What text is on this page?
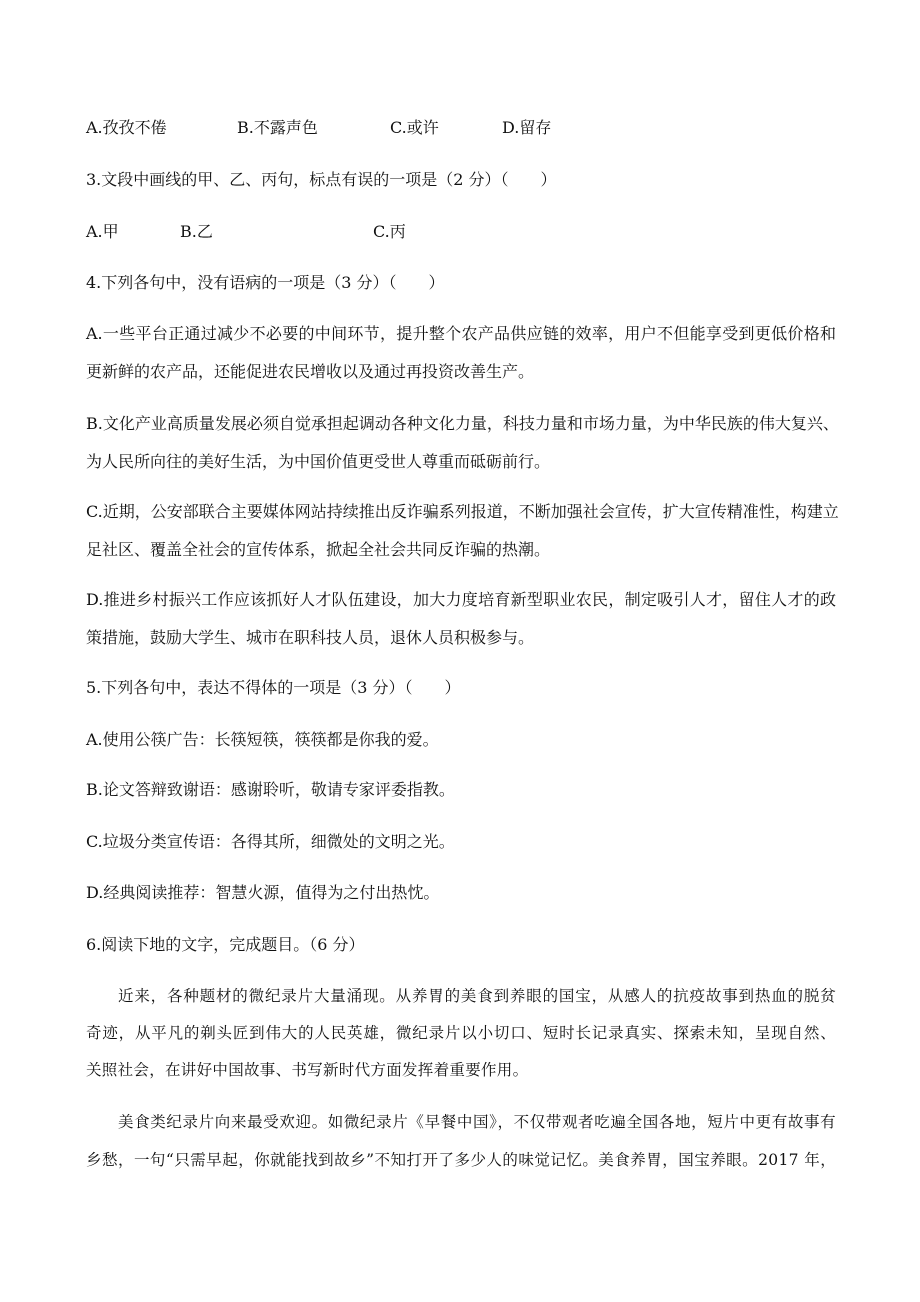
A.孜孜不倦	B.不露声色	C.或许	D.留存
3.文段中画线的甲、乙、丙句，标点有误的一项是（2 分）（　　）
A.甲	B.乙	C.丙
4.下列各句中，没有语病的一项是（3 分）（　　）
A.一些平台正通过减少不必要的中间环节，提升整个农产品供应链的效率，用户不但能享受到更低价格和
更新鲜的农产品，还能促进农民增收以及通过再投资改善生产。
B.文化产业高质量发展必须自觉承担起调动各种文化力量，科技力量和市场力量，为中华民族的伟大复兴、
为人民所向往的美好生活，为中国价值更受世人尊重而砥砺前行。
C.近期，公安部联合主要媒体网站持续推出反诈骗系列报道，不断加强社会宣传，扩大宣传精准性，构建立
足社区、覆盖全社会的宣传体系，掀起全社会共同反诈骗的热潮。
D.推进乡村振兴工作应该抓好人才队伍建设，加大力度培育新型职业农民，制定吸引人才，留住人才的政
策措施，鼓励大学生、城市在职科技人员，退休人员积极参与。
5.下列各句中，表达不得体的一项是（3 分）（　　）
A.使用公筷广告：长筷短筷，筷筷都是你我的爱。
B.论文答辩致谢语：感谢聆听，敬请专家评委指教。
C.垃圾分类宣传语：各得其所，细微处的文明之光。
D.经典阅读推荐：智慧火源，值得为之付出热忱。
6.阅读下地的文字，完成题目。（6 分）
近来，各种题材的微纪录片大量涌现。从养胃的美食到养眼的国宝，从感人的抗疫故事到热血的脱贫
奇迹，从平凡的剃头匠到伟大的人民英雄，微纪录片以小切口、短时长记录真实、探索未知，呈现自然、
关照社会，在讲好中国故事、书写新时代方面发挥着重要作用。
美食类纪录片向来最受欢迎。如微纪录片《早餐中国》，不仅带观者吃遍全国各地，短片中更有故事有
乡愁，一句“只需早起，你就能找到故乡”不知打开了多少人的味觉记忆。美食养胃，国宝养眼。2017 年，
